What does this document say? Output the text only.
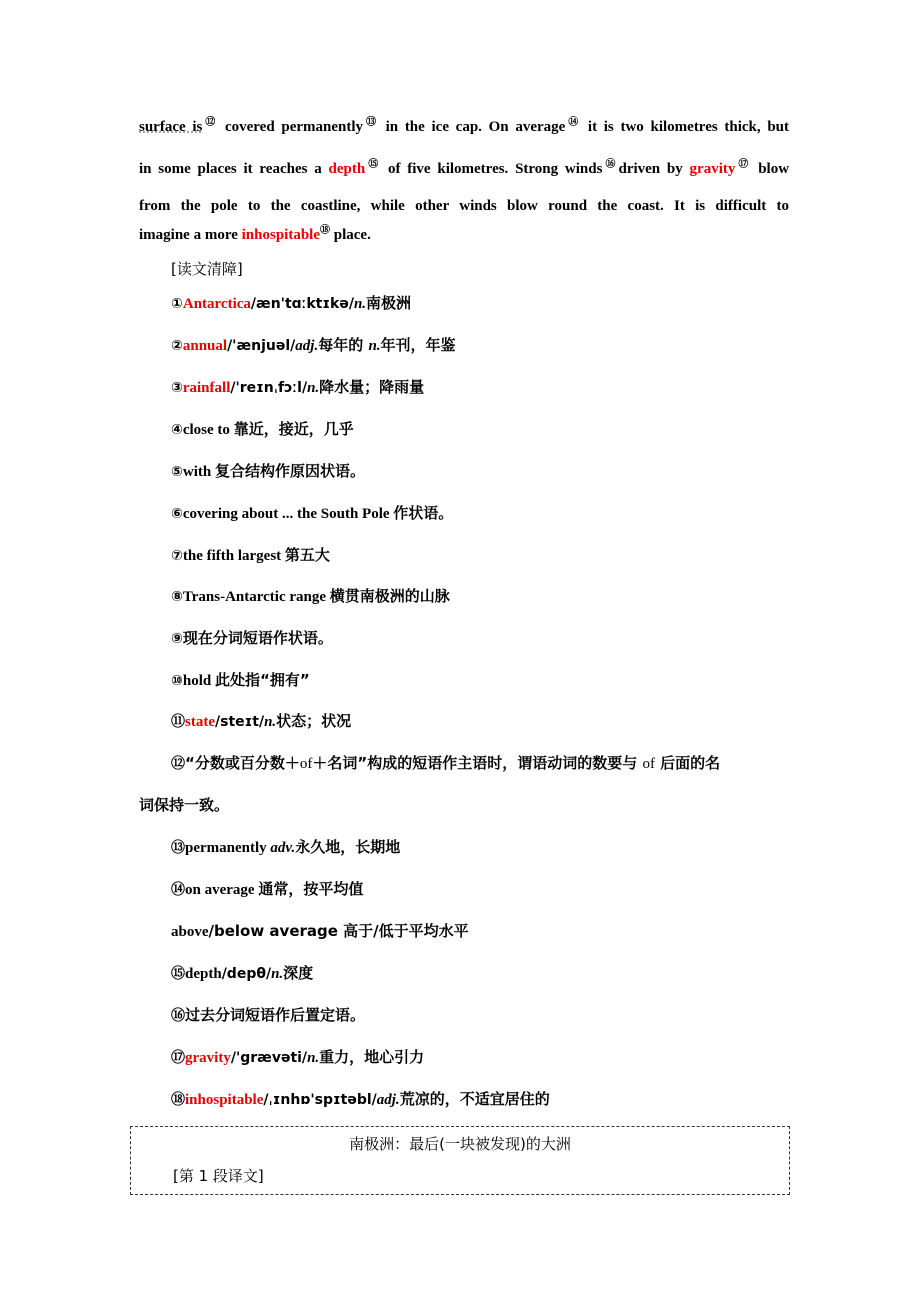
surface is⑫ covered permanently⑬ in the ice cap. On average⑭ it is two kilometres thick, but
in some places it reaches a depth⑮ of five kilometres. Strong winds⑯driven by gravity⑰ blow
from the pole to the coastline, while other winds blow round the coast. It is difficult to
imagine a more inhospitable⑱ place.
[读文清障]
①Antarctica/æn'tɑːktɪkə/n.南极洲
②annual/'ænjuəl/adj.每年的 n.年刊，年鉴
③rainfall/'reɪnˌfɔːl/n.降水量；降雨量
④close to 靠近，接近，几乎
⑤with 复合结构作原因状语。
⑥covering about ... the South Pole 作状语。
⑦the fifth largest 第五大
⑧Trans-Antarctic range 横贯南极洲的山脉
⑨现在分词短语作状语。
⑩hold 此处指“拥有”
⑪state/steɪt/n.状态；状况
⑫“分数或百分数＋of＋名词”构成的短语作主语时，谓语动词的数要与 of 后面的名
词保持一致。
⑬permanently adv.永久地，长期地
⑭on average 通常，按平均值
above/below average 高于/低于平均水平
⑮depth/depθ/n.深度
⑯过去分词短语作后置定语。
⑰gravity/'grævəti/n.重力，地心引力
⑱inhospitable/ˌɪnhɒ'spɪtəbl/adj.荒凉的，不适宜居住的
南极洲：最后(一块被发现)的大洲
[第 1 段译文]
